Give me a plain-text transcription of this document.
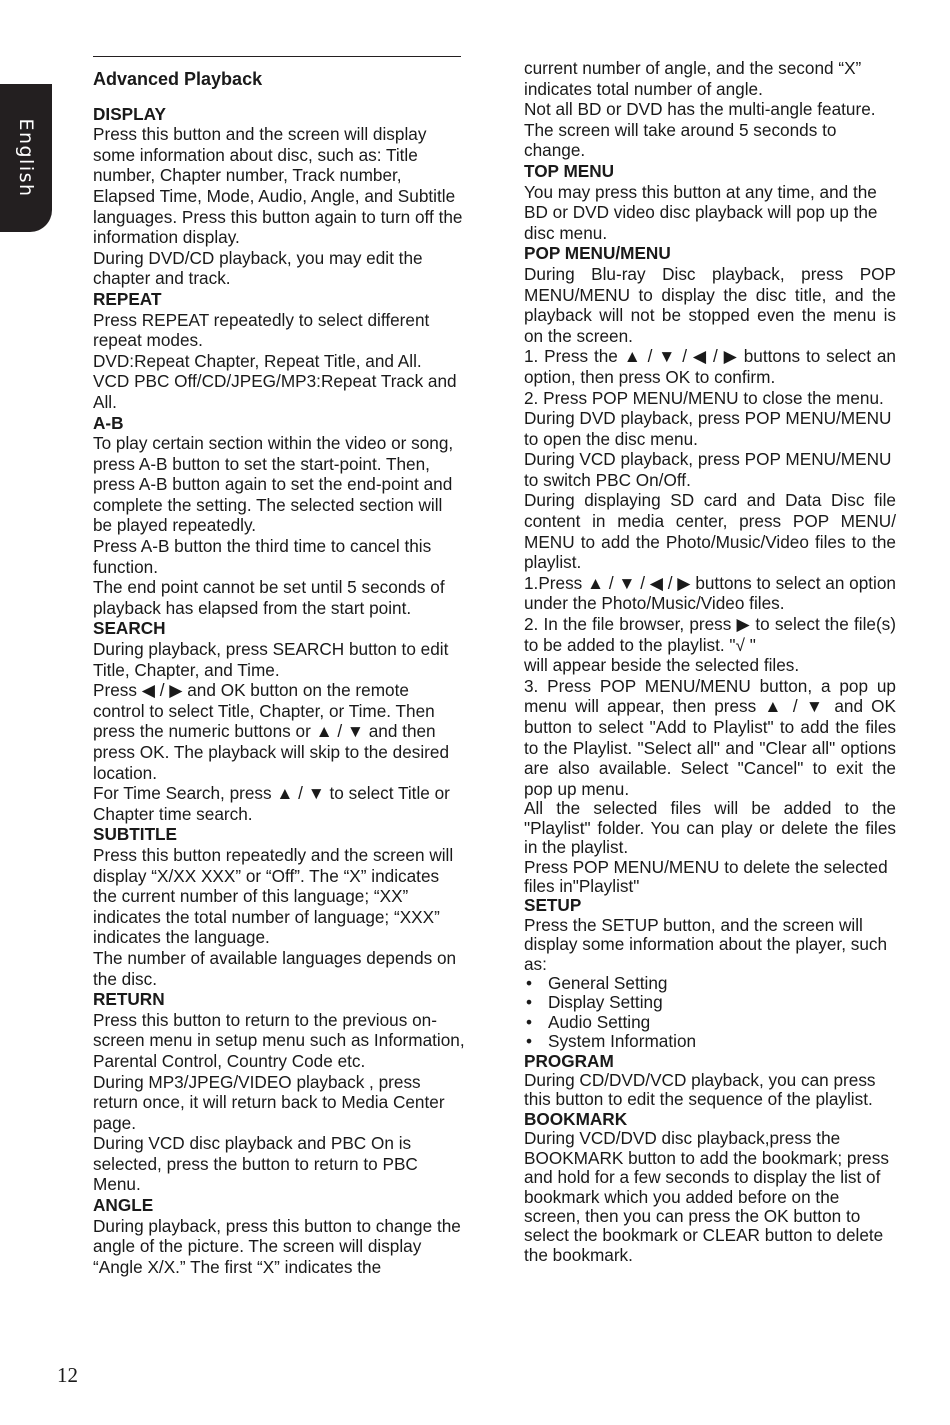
English
Advanced Playback
DISPLAY

Press this button and the screen will display some information about disc, such as: Title number, Chapter number, Track number, Elapsed Time, Mode, Audio, Angle, and Subtitle languages. Press this button again to turn off the information display.

During DVD/CD playback, you may edit the chapter and track.

REPEAT

Press REPEAT repeatedly to select different repeat modes.

DVD:Repeat Chapter, Repeat Title, and All.

VCD PBC Off/CD/JPEG/MP3:Repeat Track and All.

A-B

To play certain section within the video or song, press A-B button to set the start-point. Then, press A-B button again to set the end-point and complete the setting. The selected section will be played repeatedly.

Press A-B button the third time to cancel this function.

The end point cannot be set until 5 seconds of playback has elapsed from the start point.

SEARCH

During playback, press SEARCH button to edit Title, Chapter, and Time.

Press ◀ / ▶ and OK button on the remote control to select Title, Chapter, or Time. Then press the numeric buttons or ▲ / ▼ and then press OK. The playback will skip to the desired location.

For Time Search, press ▲ / ▼ to select Title or Chapter time search.

SUBTITLE

Press this button repeatedly and the screen will display “X/XX XXX” or “Off”. The “X” indicates the current number of this language; “XX” indicates the total number of language; “XXX” indicates the language.

The number of available languages depends on the disc.

RETURN

Press this button to return to the previous on-screen menu in setup menu such as Information, Parental Control, Country Code etc.

During MP3/JPEG/VIDEO playback , press return once, it will return back to Media Center page.

During VCD disc playback and PBC On is selected, press the button to return to PBC Menu.

ANGLE

During playback, press this button to change the angle of the picture. The screen will display “Angle X/X.” The first “X” indicates the

current number of angle, and the second “X” indicates total number of angle.

Not all BD or DVD has the multi-angle feature. The screen will take around 5 seconds to change.

TOP MENU

You may press this button at any time, and the BD or DVD video disc playback will pop up the disc menu.

POP MENU/MENU

During Blu-ray Disc playback, press POP MENU/MENU to display the disc title, and the playback will not be stopped even the menu is on the screen.

1. Press the ▲ / ▼ / ◀ / ▶ buttons to select an option, then press OK to confirm.

2. Press POP MENU/MENU to close the menu.

During DVD playback, press POP MENU/MENU to open the disc menu.

During VCD playback, press POP MENU/MENU to switch PBC On/Off.

During displaying SD card and Data Disc file content in media center, press POP MENU/ MENU to add the Photo/Music/Video files to the playlist.

1.Press ▲ / ▼ / ◀ / ▶ buttons to select an option under the Photo/Music/Video files.

2. In the file browser, press ▶ to select the file(s) to be added to the playlist. "√ "

will appear beside the selected files.

3. Press POP MENU/MENU button, a pop up menu will appear, then press ▲ / ▼ and OK button to select "Add to Playlist" to add the files to the Playlist. "Select all" and "Clear all" options are also available. Select "Cancel" to exit the pop up menu.

All the selected files will be added to the "Playlist" folder. You can play or delete the files in the playlist.

Press POP MENU/MENU to delete the selected files in"Playlist"

SETUP

Press the SETUP button, and the screen will display some information about the player, such as:

• General Setting
• Display Setting
• Audio Setting
• System Information
PROGRAM

During CD/DVD/VCD playback, you can press this button to edit the sequence of the playlist.

BOOKMARK

During VCD/DVD disc playback,press the BOOKMARK button to add the bookmark; press and hold for a few seconds to display the list of bookmark which you added before on the screen, then you can press the OK button to select the bookmark or CLEAR button to delete the bookmark.

12
